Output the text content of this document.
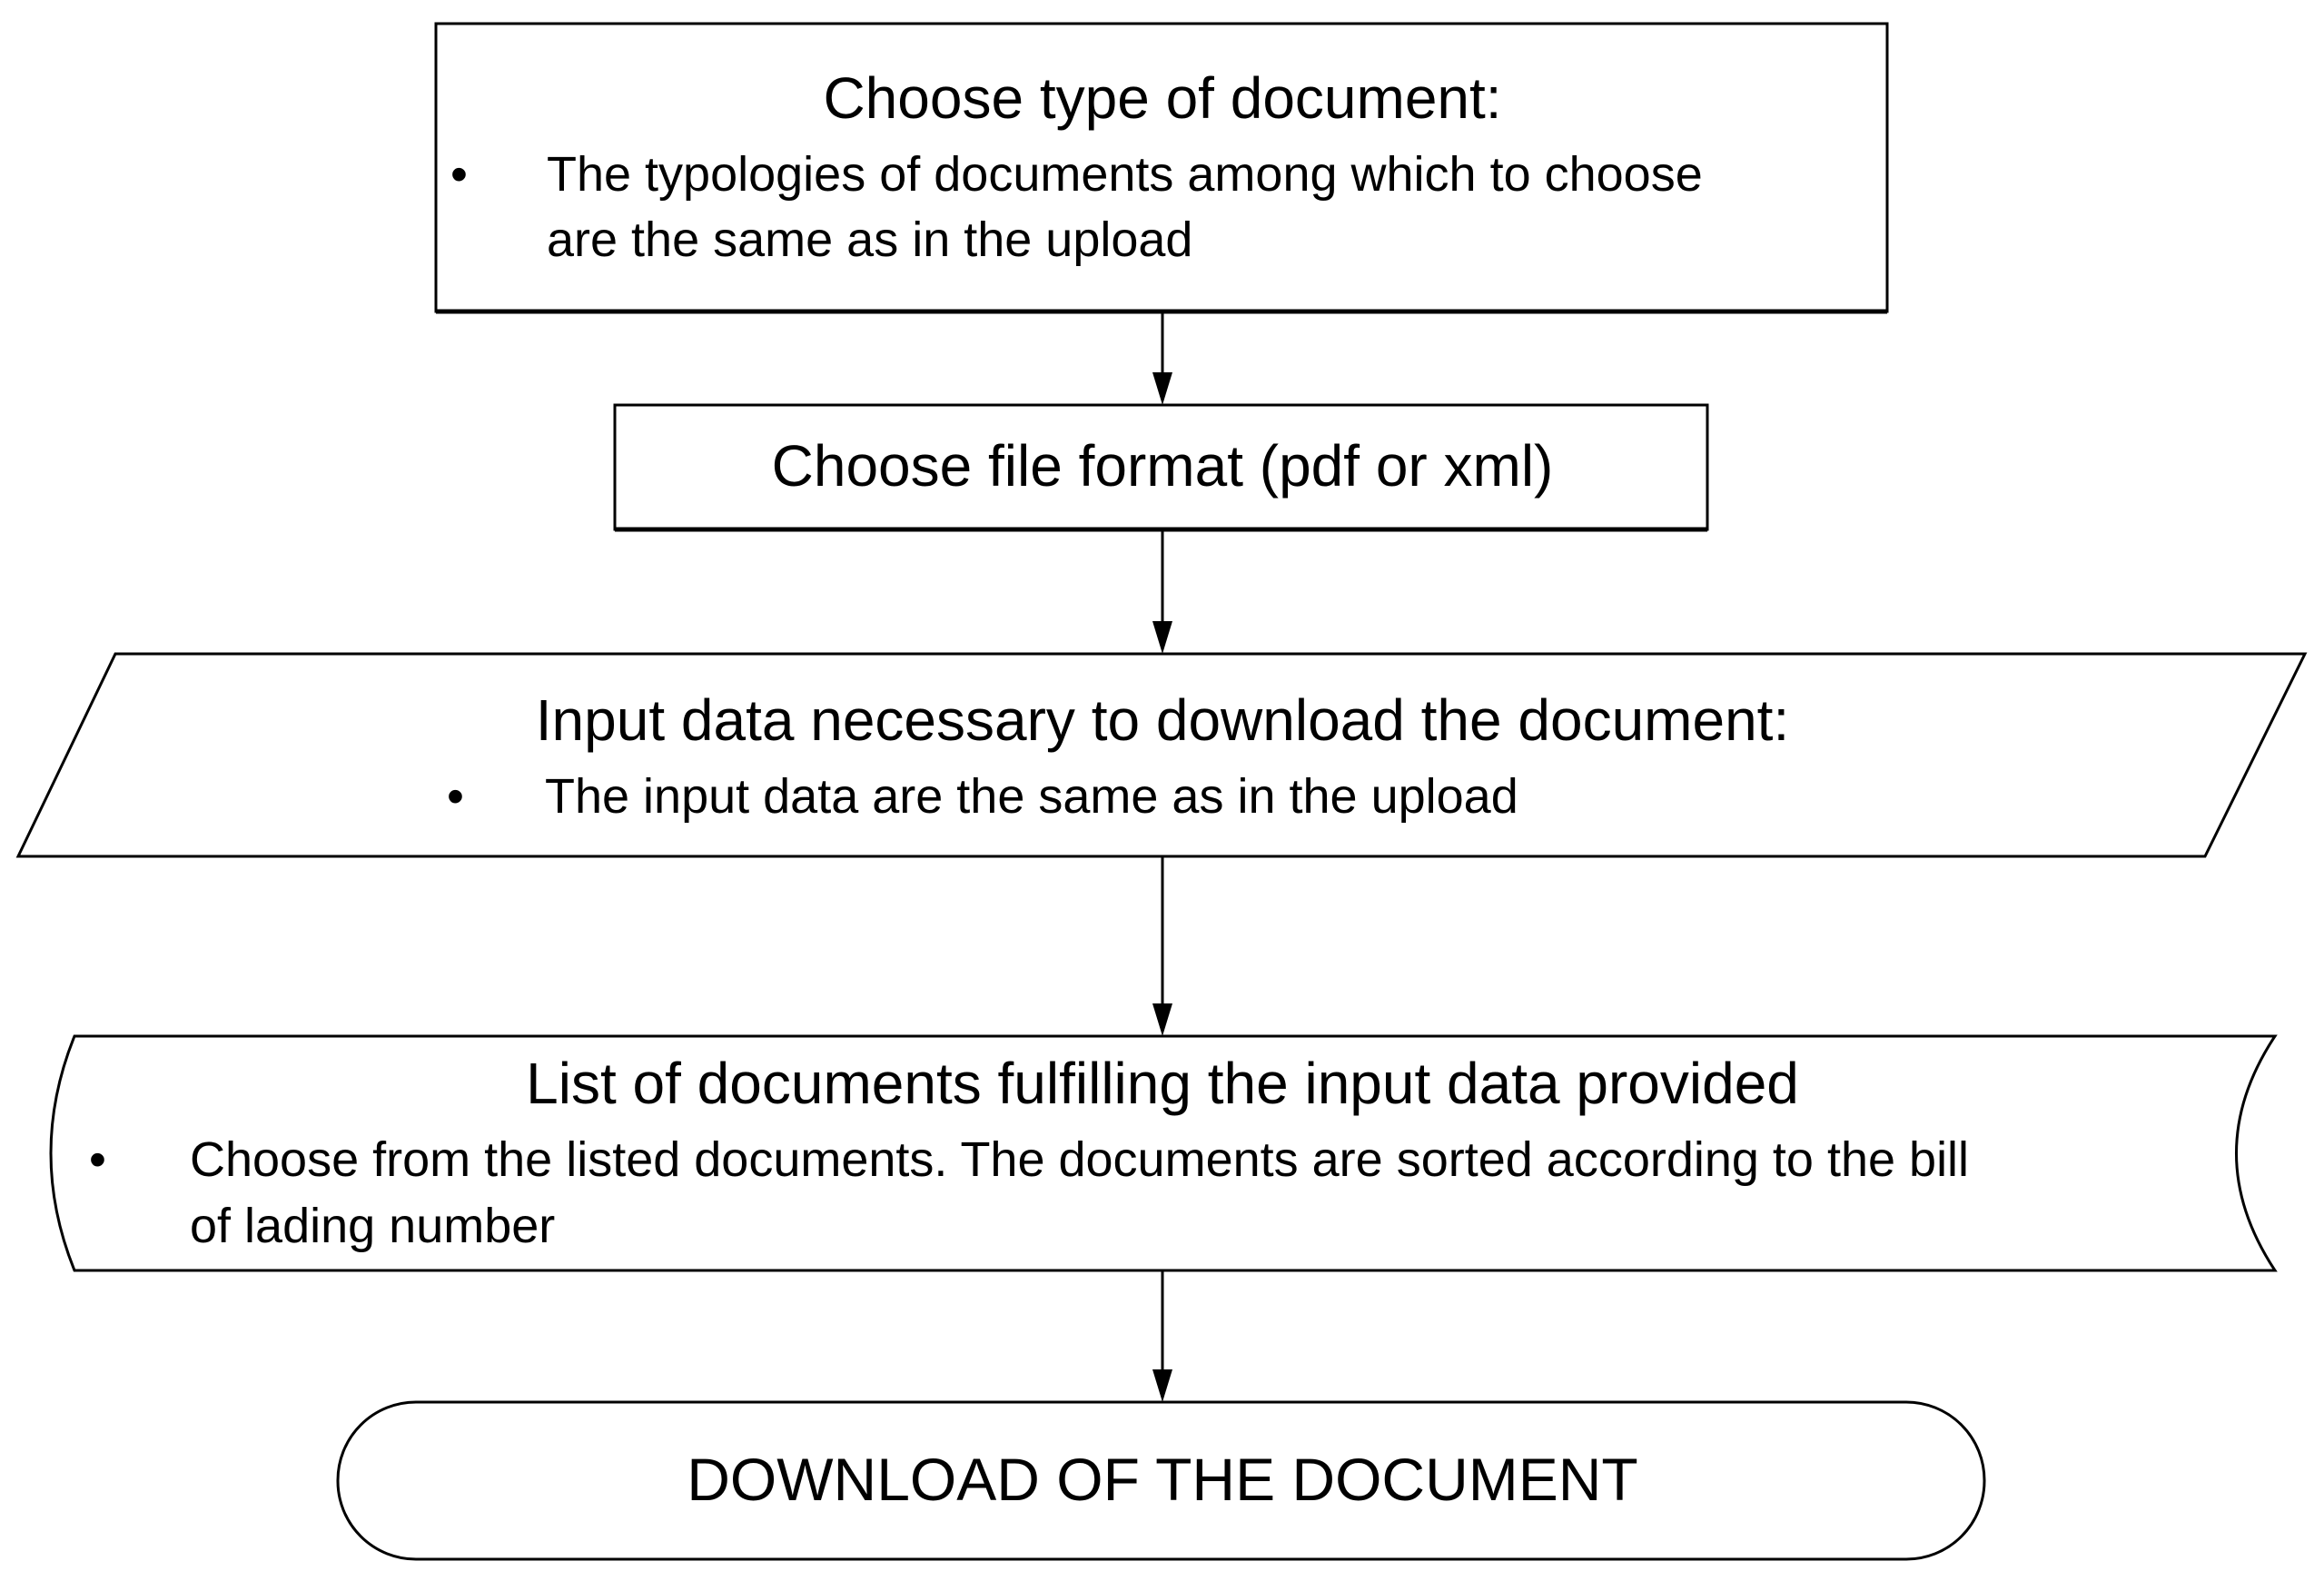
Choose type of document:
• The typologies of documents among which to choose
are the same as in the upload
Choose file format (pdf or xml)
Input data necessary to download the document:
• The input data are the same as in the upload
List of documents fulfilling the input data provided
• Choose from the listed documents. The documents are sorted according to the bill
of lading number
DOWNLOAD OF THE DOCUMENT
